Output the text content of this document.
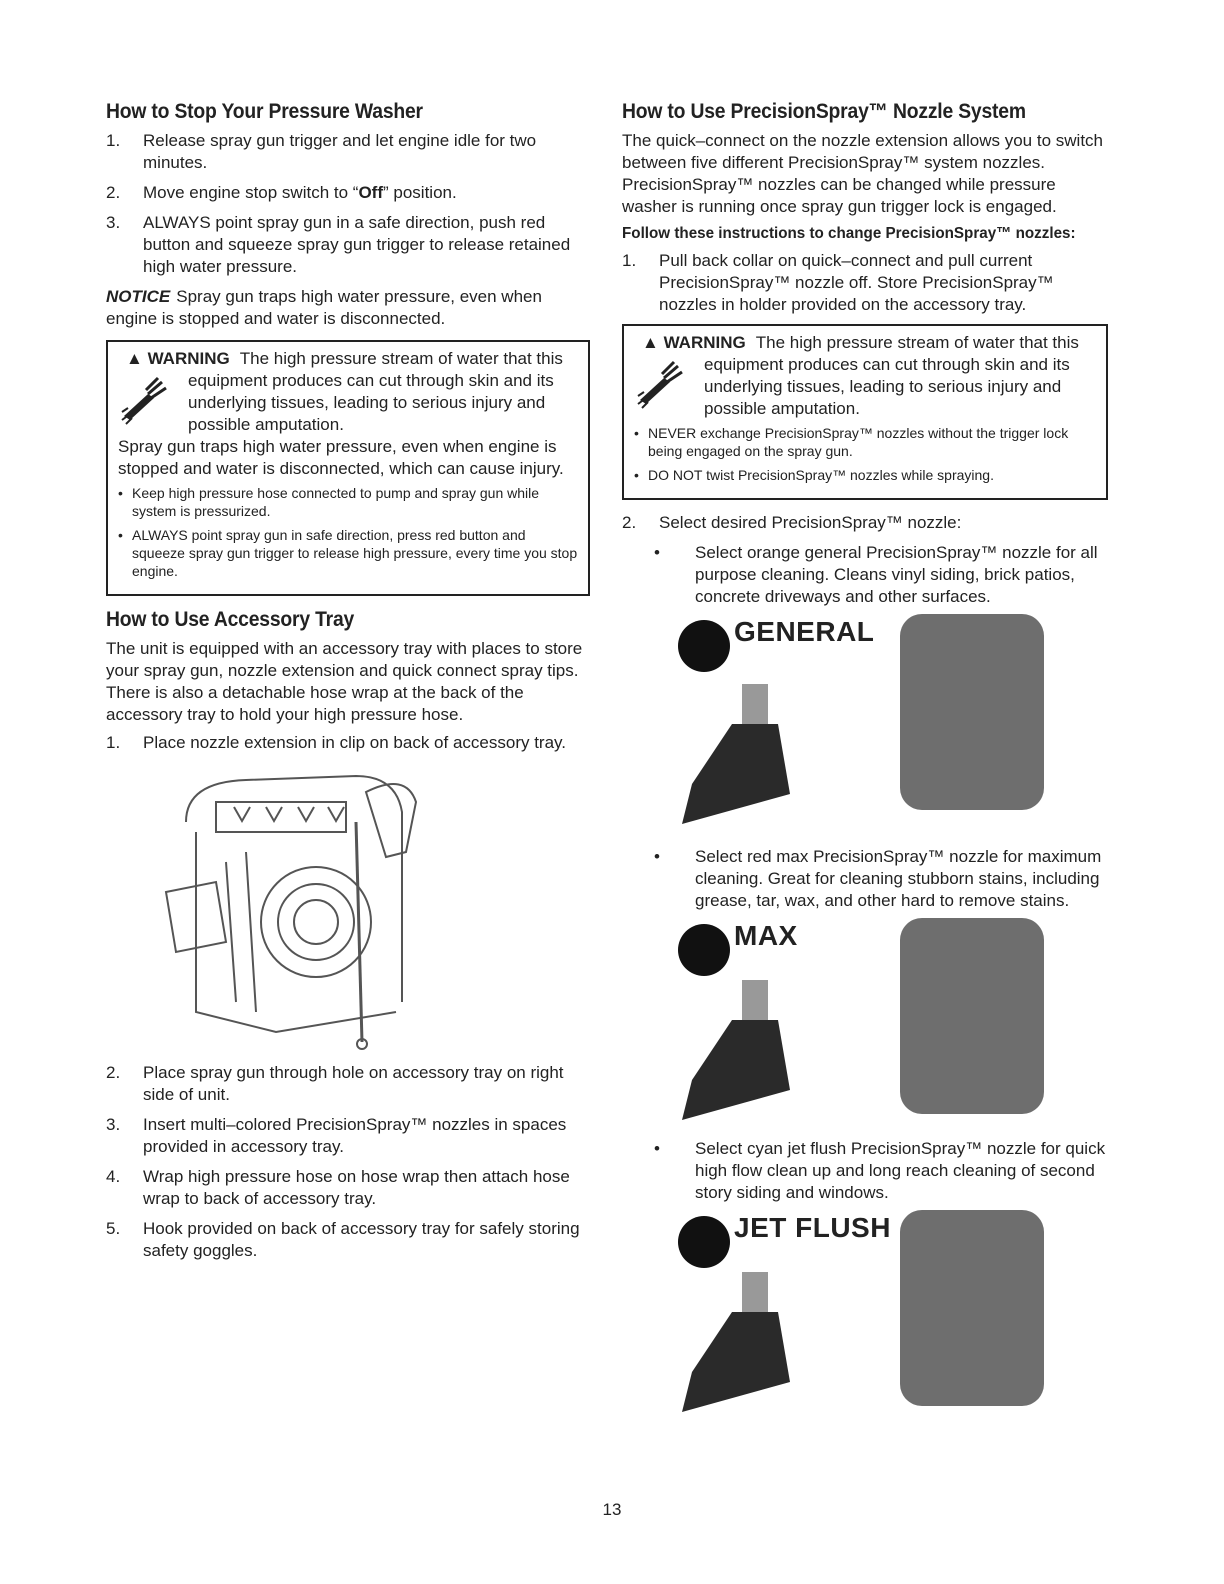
How to Stop Your Pressure Washer
1. Release spray gun trigger and let engine idle for two minutes.
2. Move engine stop switch to “Off” position.
3. ALWAYS point spray gun in a safe direction, push red button and squeeze spray gun trigger to release retained high water pressure.

NOTICE Spray gun traps high water pressure, even when engine is stopped and water is disconnected.

▲ WARNING The high pressure stream of water that this equipment produces can cut through skin and its underlying tissues, leading to serious injury and possible amputation.
Spray gun traps high water pressure, even when engine is stopped and water is disconnected, which can cause injury.
• Keep high pressure hose connected to pump and spray gun while system is pressurized.
• ALWAYS point spray gun in safe direction, press red button and squeeze spray gun trigger to release high pressure, every time you stop engine.
How to Use Accessory Tray

The unit is equipped with an accessory tray with places to store your spray gun, nozzle extension and quick connect spray tips. There is also a detachable hose wrap at the back of the accessory tray to hold your high pressure hose.

1. Place nozzle extension in clip on back of accessory tray.
2. Place spray gun through hole on accessory tray on right side of unit.
3. Insert multi–colored PrecisionSpray™ nozzles in spaces provided in accessory tray.
4. Wrap high pressure hose on hose wrap then attach hose wrap to back of accessory tray.
5. Hook provided on back of accessory tray for safely storing safety goggles.
How to Use PrecisionSpray™ Nozzle System

The quick–connect on the nozzle extension allows you to switch between five different PrecisionSpray™ system nozzles. PrecisionSpray™ nozzles can be changed while pressure washer is running once spray gun trigger lock is engaged.

Follow these instructions to change PrecisionSpray™ nozzles:
1. Pull back collar on quick–connect and pull current PrecisionSpray™ nozzle off. Store PrecisionSpray™ nozzles in holder provided on the accessory tray.
▲ WARNING The high pressure stream of water that this equipment produces can cut through skin and its underlying tissues, leading to serious injury and possible amputation.
• NEVER exchange PrecisionSpray™ nozzles without the trigger lock being engaged on the spray gun.
• DO NOT twist PrecisionSpray™ nozzles while spraying.
2. Select desired PrecisionSpray™ nozzle:
• Select orange general PrecisionSpray™ nozzle for all purpose cleaning. Cleans vinyl siding, brick patios, concrete driveways and other surfaces.
GENERAL
• Select red max PrecisionSpray™ nozzle for maximum cleaning. Great for cleaning stubborn stains, including grease, tar, wax, and other hard to remove stains.
MAX
• Select cyan jet flush PrecisionSpray™ nozzle for quick high flow clean up and long reach cleaning of second story siding and windows.
JET FLUSH
13
